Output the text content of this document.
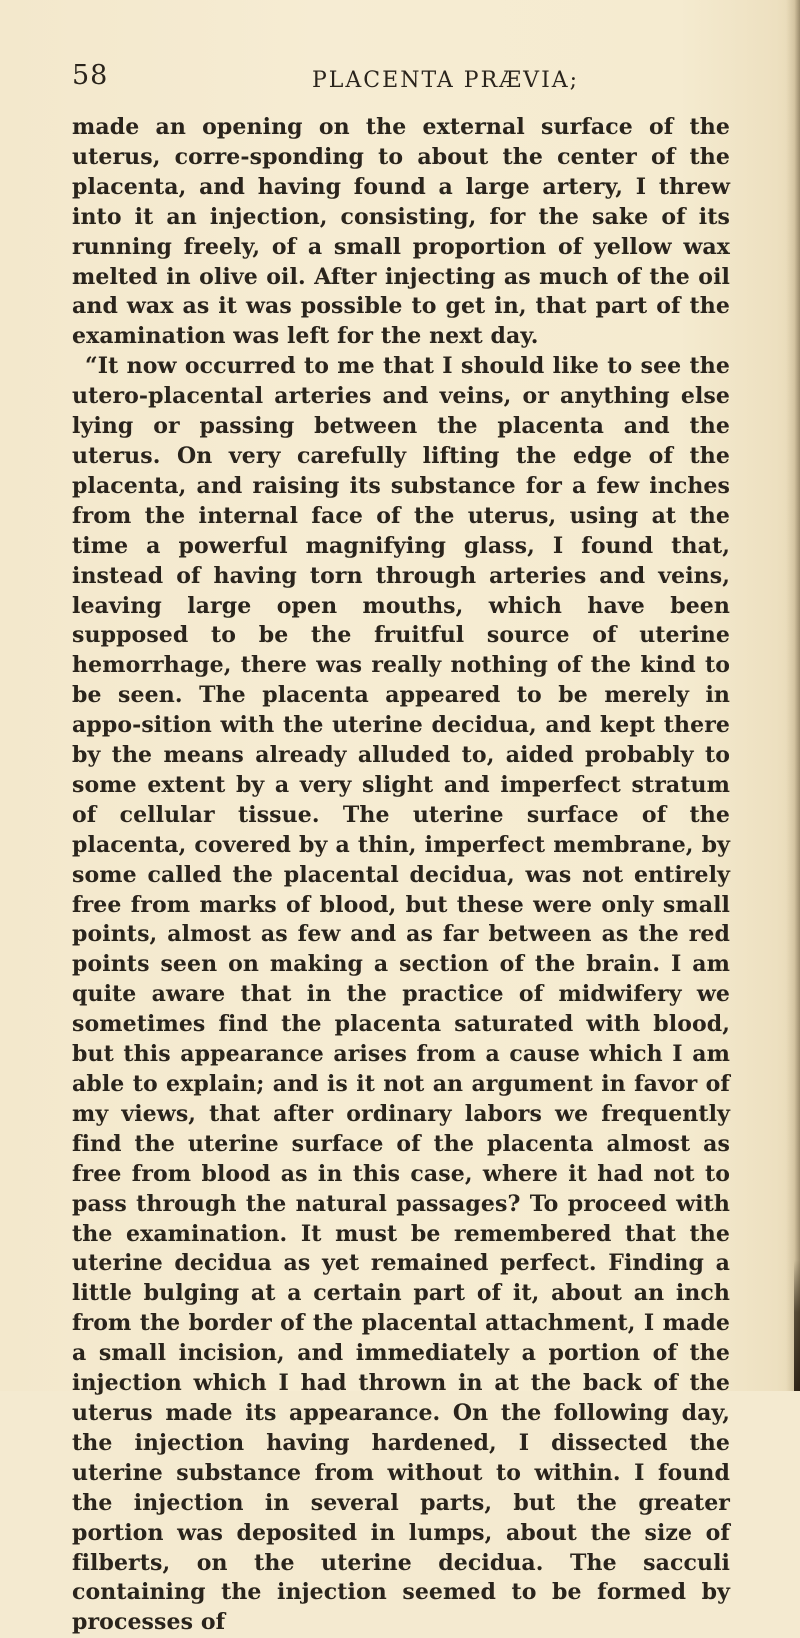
58	PLACENTA PRÆVIA;

made an opening on the external surface of the uterus, corre-sponding to about the center of the placenta, and having found a large artery, I threw into it an injection, consisting, for the sake of its running freely, of a small proportion of yellow wax melted in olive oil. After injecting as much of the oil and wax as it was possible to get in, that part of the examination was left for the next day.

“It now occurred to me that I should like to see the utero-placental arteries and veins, or anything else lying or passing between the placenta and the uterus. On very carefully lifting the edge of the placenta, and raising its substance for a few inches from the internal face of the uterus, using at the time a powerful magnifying glass, I found that, instead of having torn through arteries and veins, leaving large open mouths, which have been supposed to be the fruitful source of uterine hemorrhage, there was really nothing of the kind to be seen. The placenta appeared to be merely in appo-sition with the uterine decidua, and kept there by the means already alluded to, aided probably to some extent by a very slight and imperfect stratum of cellular tissue. The uterine surface of the placenta, covered by a thin, imperfect membrane, by some called the placental decidua, was not entirely free from marks of blood, but these were only small points, almost as few and as far between as the red points seen on making a section of the brain. I am quite aware that in the practice of midwifery we sometimes find the placenta saturated with blood, but this appearance arises from a cause which I am able to explain; and is it not an argument in favor of my views, that after ordinary labors we frequently find the uterine surface of the placenta almost as free from blood as in this case, where it had not to pass through the natural passages? To proceed with the examination. It must be remembered that the uterine decidua as yet remained perfect. Finding a little bulging at a certain part of it, about an inch from the border of the placental attachment, I made a small incision, and immediately a portion of the injection which I had thrown in at the back of the uterus made its appearance. On the following day, the injection having hardened, I dissected the uterine substance from without to within. I found the injection in several parts, but the greater portion was deposited in lumps, about the size of filberts, on the uterine decidua. The sacculi containing the injection seemed to be formed by processes of
